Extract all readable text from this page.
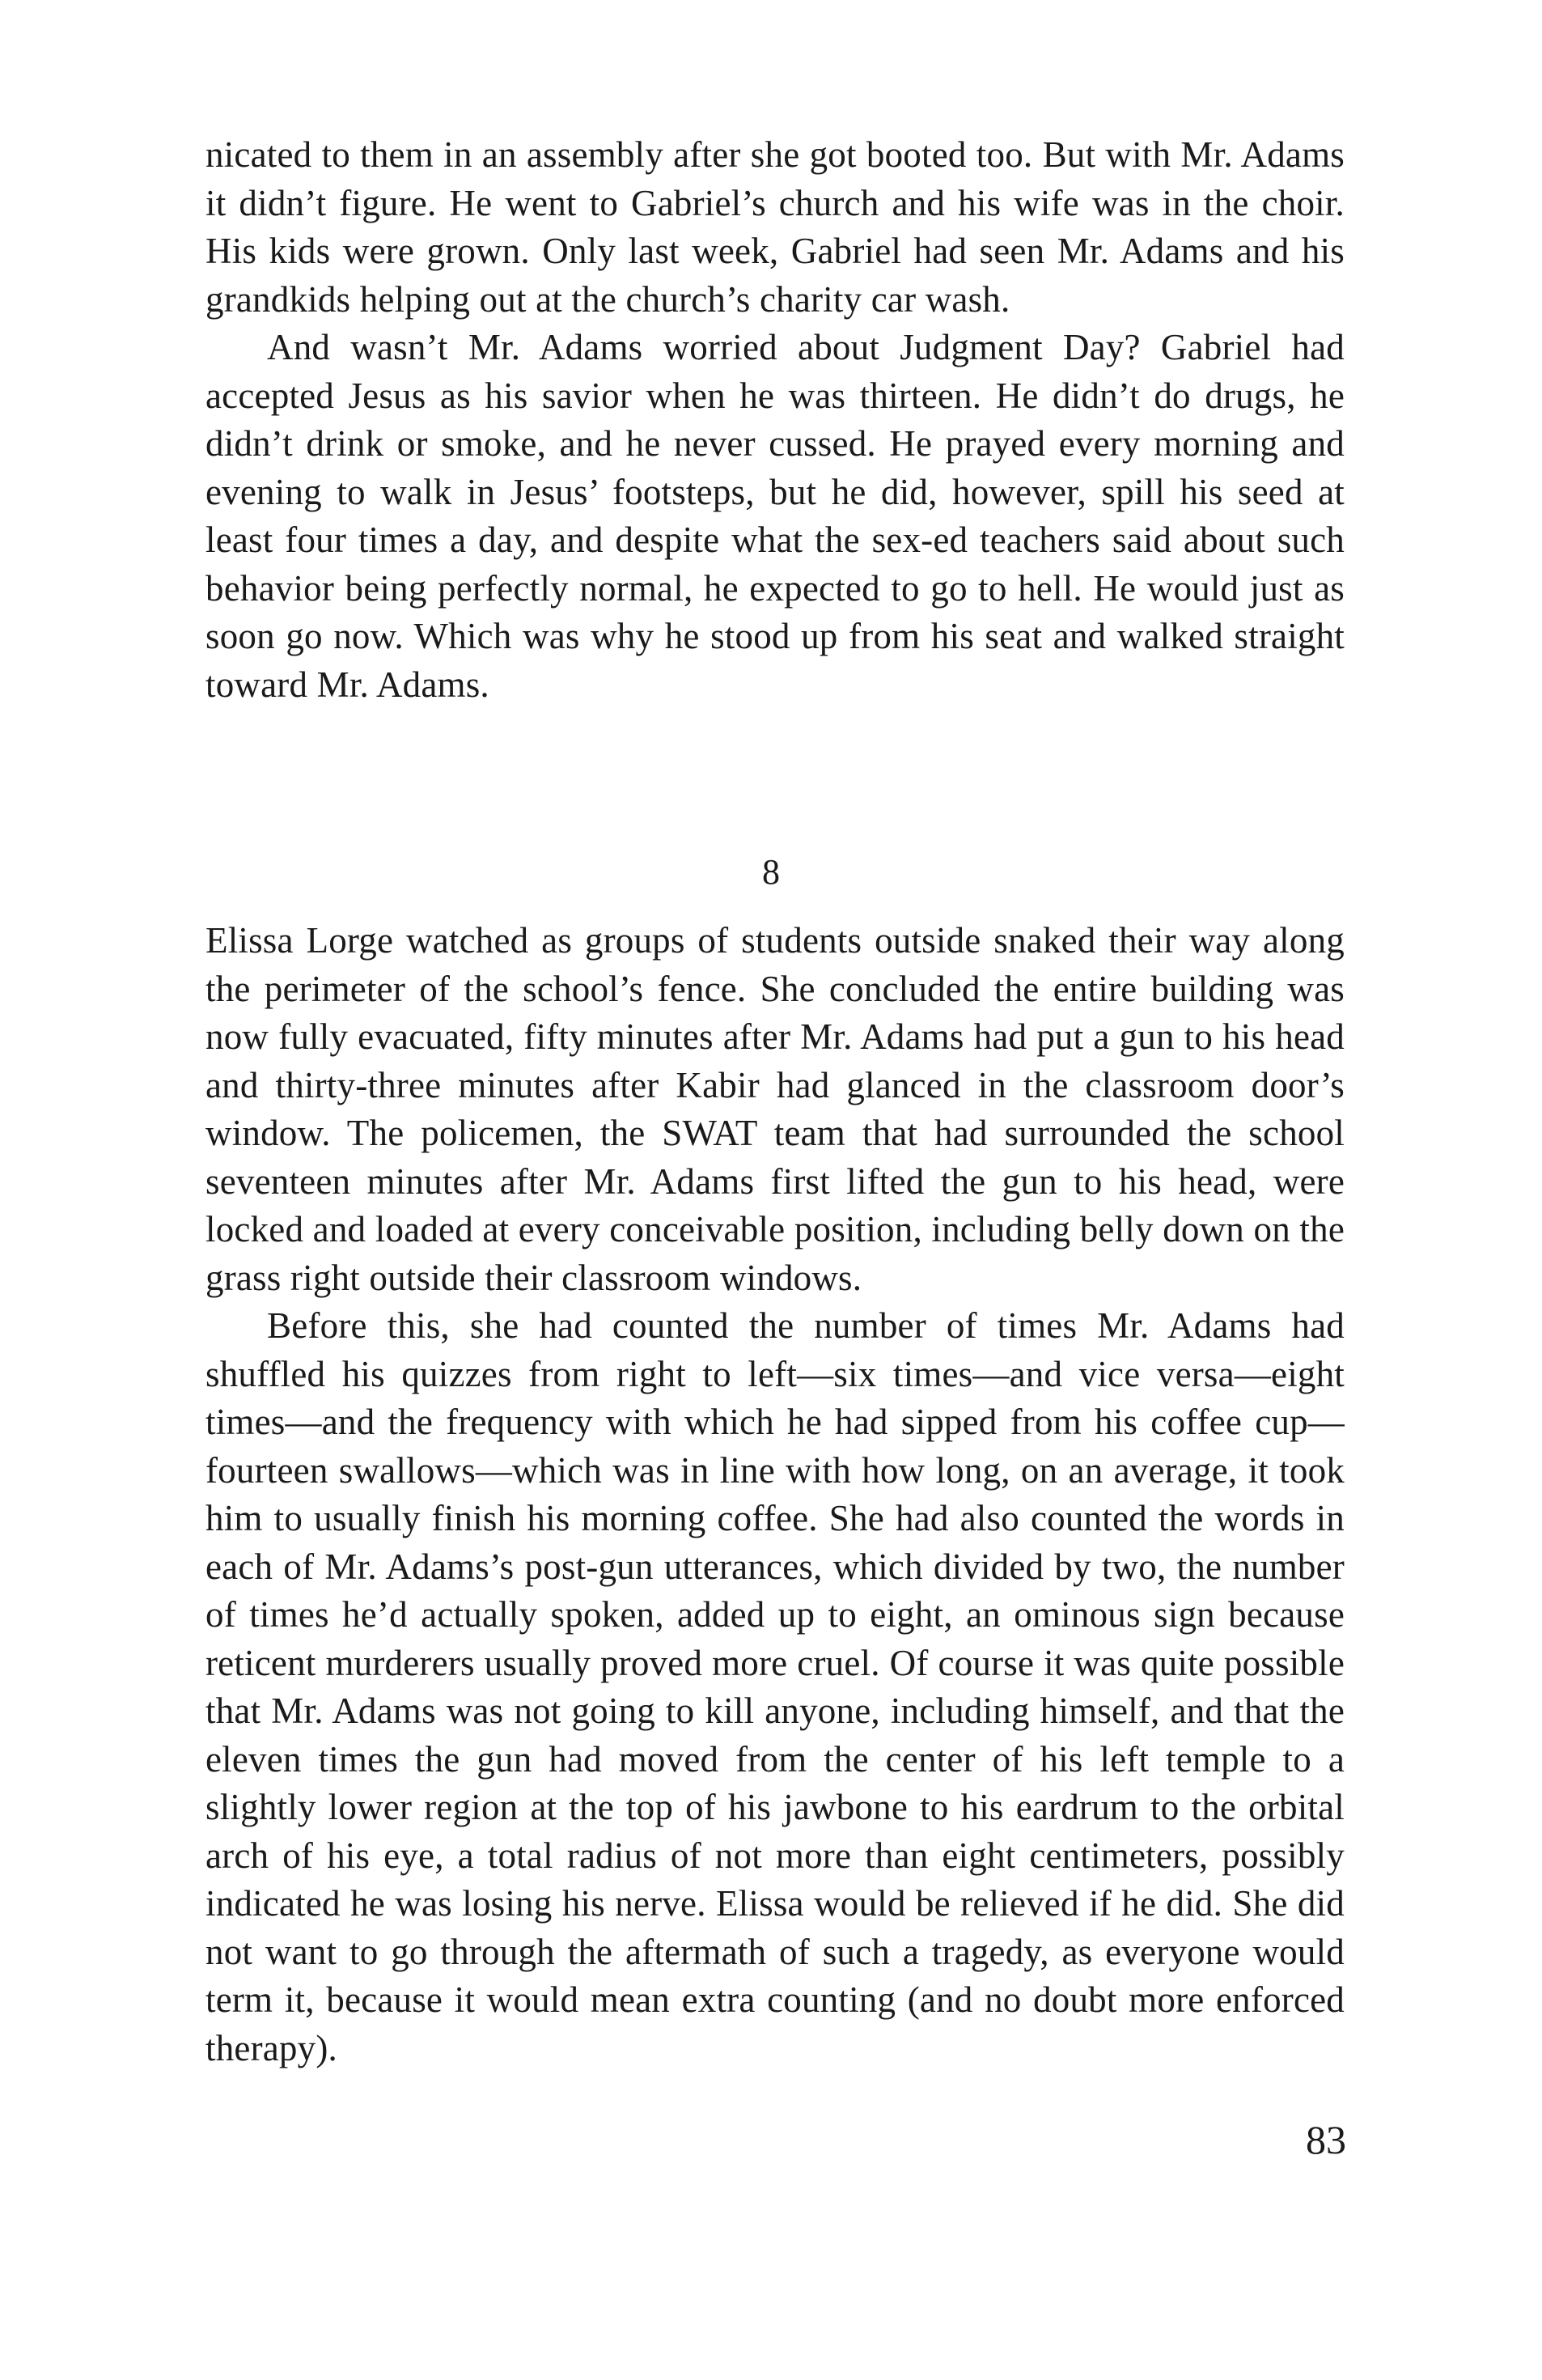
nicated to them in an assembly after she got booted too. But with Mr. Adams it didn’t figure. He went to Gabriel’s church and his wife was in the choir. His kids were grown. Only last week, Gabriel had seen Mr. Adams and his grandkids helping out at the church’s charity car wash.

And wasn’t Mr. Adams worried about Judgment Day? Gabriel had accepted Jesus as his savior when he was thirteen. He didn’t do drugs, he didn’t drink or smoke, and he never cussed. He prayed every morning and evening to walk in Jesus’ footsteps, but he did, however, spill his seed at least four times a day, and despite what the sex-ed teachers said about such behavior being perfectly normal, he expected to go to hell. He would just as soon go now. Which was why he stood up from his seat and walked straight toward Mr. Adams.

8

Elissa Lorge watched as groups of students outside snaked their way along the perimeter of the school’s fence. She concluded the entire building was now fully evacuated, fifty minutes after Mr. Adams had put a gun to his head and thirty-three minutes after Kabir had glanced in the classroom door’s window. The policemen, the SWAT team that had surrounded the school seventeen minutes after Mr. Adams first lifted the gun to his head, were locked and loaded at every conceivable position, including belly down on the grass right outside their classroom windows.

Before this, she had counted the number of times Mr. Adams had shuffled his quizzes from right to left—six times—and vice versa—eight times—and the frequency with which he had sipped from his coffee cup—fourteen swallows—which was in line with how long, on an average, it took him to usually finish his morning coffee. She had also counted the words in each of Mr. Adams’s post-gun utterances, which divided by two, the number of times he’d actually spoken, added up to eight, an ominous sign because reticent murderers usually proved more cruel. Of course it was quite possible that Mr. Adams was not going to kill anyone, including himself, and that the eleven times the gun had moved from the center of his left temple to a slightly lower region at the top of his jawbone to his eardrum to the orbital arch of his eye, a total radius of not more than eight centimeters, possibly indicated he was losing his nerve. Elissa would be relieved if he did. She did not want to go through the aftermath of such a tragedy, as everyone would term it, because it would mean extra counting (and no doubt more enforced therapy).

83
